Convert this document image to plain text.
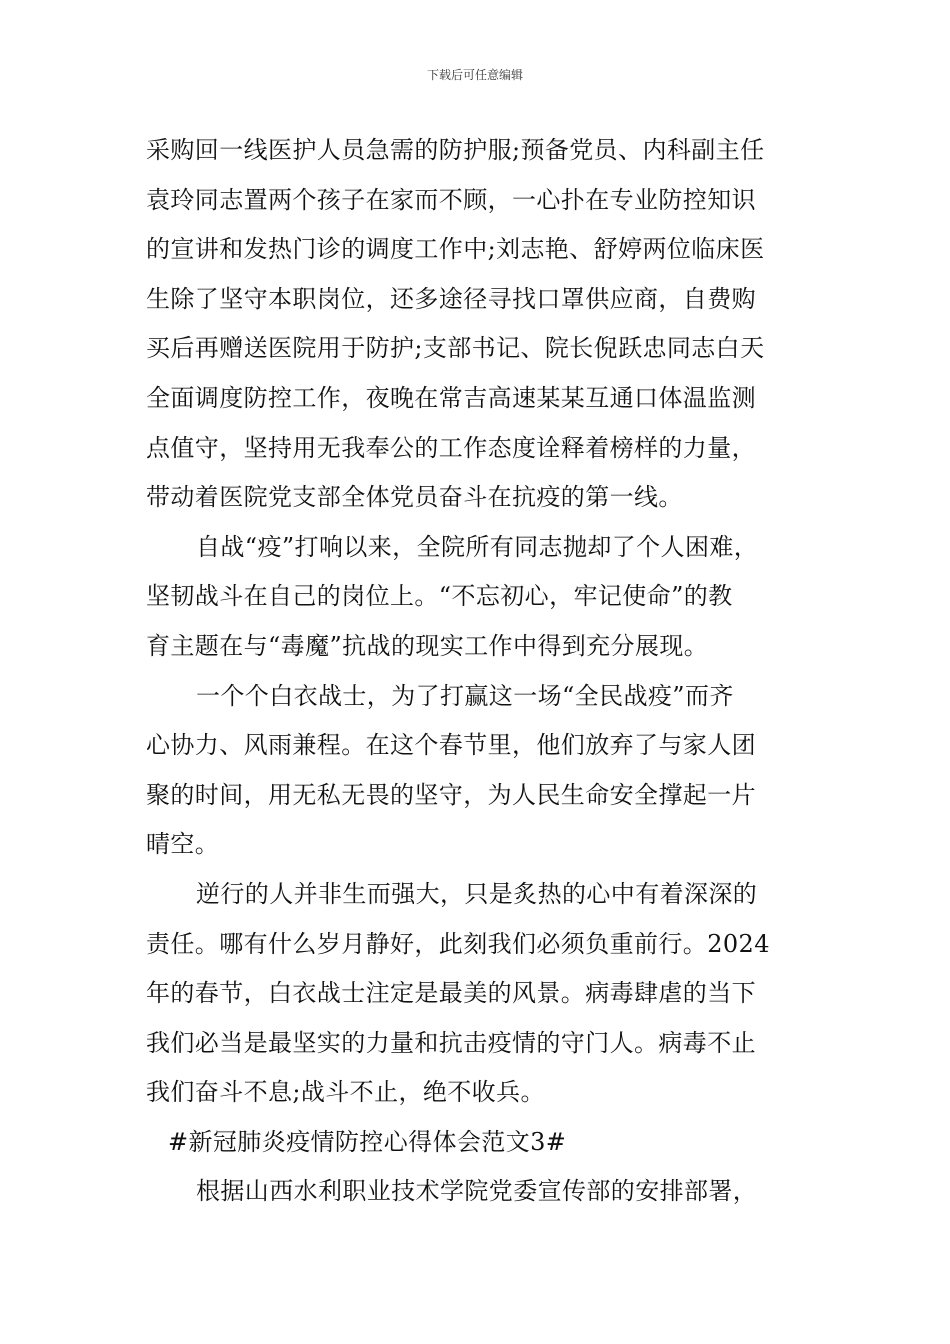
下载后可任意编辑
采购回一线医护人员急需的防护服;预备党员、内科副主任
袁玲同志置两个孩子在家而不顾，一心扑在专业防控知识
的宣讲和发热门诊的调度工作中;刘志艳、舒婷两位临床医
生除了坚守本职岗位，还多途径寻找口罩供应商，自费购
买后再赠送医院用于防护;支部书记、院长倪跃忠同志白天
全面调度防控工作，夜晚在常吉高速某某互通口体温监测
点值守，坚持用无我奉公的工作态度诠释着榜样的力量，
带动着医院党支部全体党员奋斗在抗疫的第一线。
自战“疫”打响以来，全院所有同志抛却了个人困难，
坚韧战斗在自己的岗位上。“不忘初心，牢记使命”的教
育主题在与“毒魔”抗战的现实工作中得到充分展现。
一个个白衣战士，为了打赢这一场“全民战疫”而齐
心协力、风雨兼程。在这个春节里，他们放弃了与家人团
聚的时间，用无私无畏的坚守，为人民生命安全撑起一片
晴空。
逆行的人并非生而强大，只是炙热的心中有着深深的
责任。哪有什么岁月静好，此刻我们必须负重前行。2024
年的春节，白衣战士注定是最美的风景。病毒肆虐的当下
我们必当是最坚实的力量和抗击疫情的守门人。病毒不止
我们奋斗不息;战斗不止，绝不收兵。
#新冠肺炎疫情防控心得体会范文3#
根据山西水利职业技术学院党委宣传部的安排部署，
